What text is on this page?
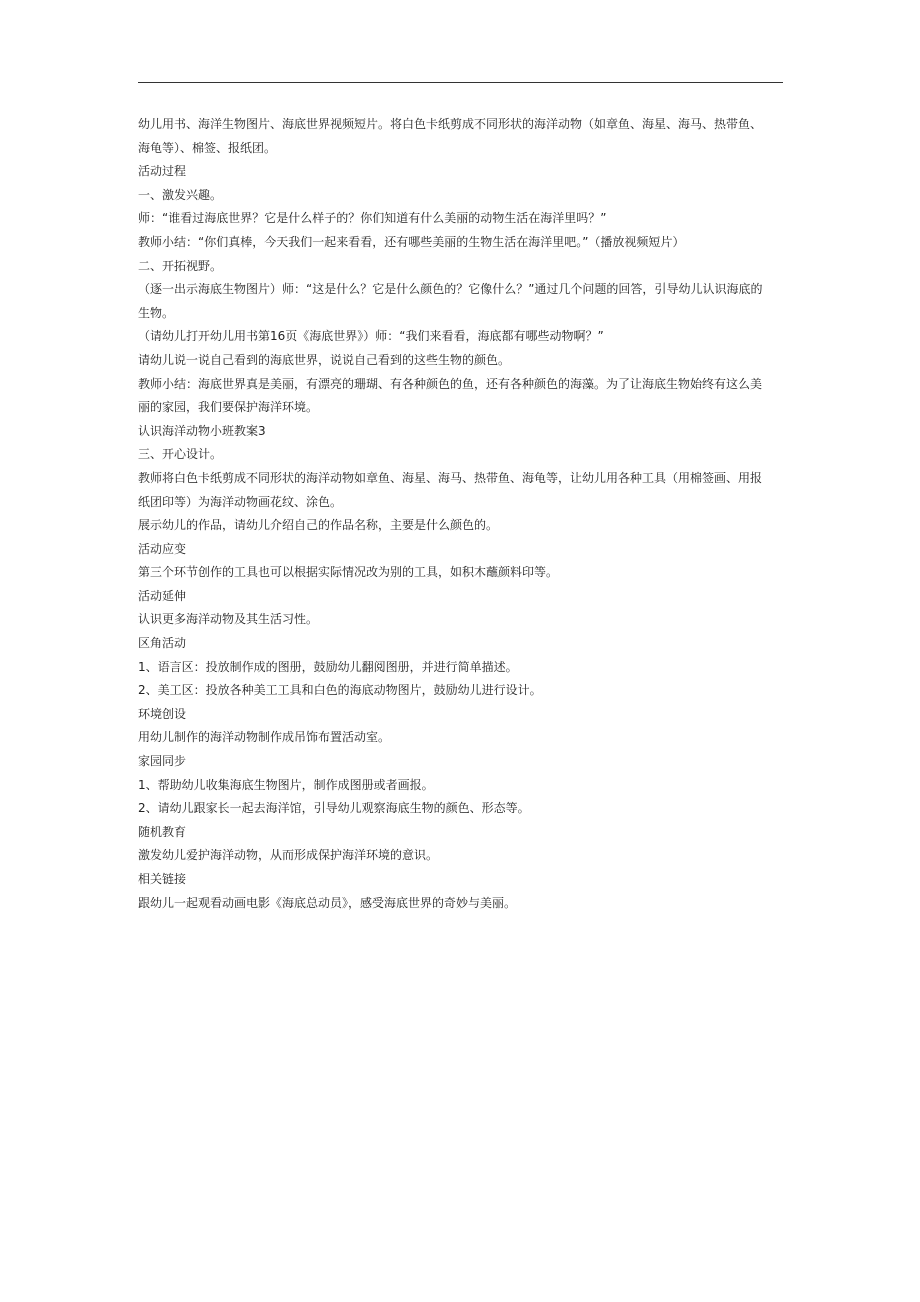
幼儿用书、海洋生物图片、海底世界视频短片。将白色卡纸剪成不同形状的海洋动物（如章鱼、海星、海马、热带鱼、
海龟等）、棉签、报纸团。
活动过程
一、激发兴趣。
师：“谁看过海底世界？它是什么样子的？你们知道有什么美丽的动物生活在海洋里吗？”
教师小结：“你们真棒，今天我们一起来看看，还有哪些美丽的生物生活在海洋里吧。”（播放视频短片）
二、开拓视野。
（逐一出示海底生物图片）师：“这是什么？它是什么颜色的？它像什么？”通过几个问题的回答，引导幼儿认识海底的
生物。
（请幼儿打开幼儿用书第16页《海底世界》）师：“我们来看看，海底都有哪些动物啊？”
请幼儿说一说自己看到的海底世界，说说自己看到的这些生物的颜色。
教师小结：海底世界真是美丽，有漂亮的珊瑚、有各种颜色的鱼，还有各种颜色的海藻。为了让海底生物始终有这么美
丽的家园，我们要保护海洋环境。
认识海洋动物小班教案3
三、开心设计。
教师将白色卡纸剪成不同形状的海洋动物如章鱼、海星、海马、热带鱼、海龟等，让幼儿用各种工具（用棉签画、用报
纸团印等）为海洋动物画花纹、涂色。
展示幼儿的作品，请幼儿介绍自己的作品名称，主要是什么颜色的。
活动应变
第三个环节创作的工具也可以根据实际情况改为别的工具，如积木蘸颜料印等。
活动延伸
认识更多海洋动物及其生活习性。
区角活动
1、语言区：投放制作成的图册，鼓励幼儿翻阅图册，并进行简单描述。
2、美工区：投放各种美工工具和白色的海底动物图片，鼓励幼儿进行设计。
环境创设
用幼儿制作的海洋动物制作成吊饰布置活动室。
家园同步
1、帮助幼儿收集海底生物图片，制作成图册或者画报。
2、请幼儿跟家长一起去海洋馆，引导幼儿观察海底生物的颜色、形态等。
随机教育
激发幼儿爱护海洋动物，从而形成保护海洋环境的意识。
相关链接
跟幼儿一起观看动画电影《海底总动员》，感受海底世界的奇妙与美丽。
